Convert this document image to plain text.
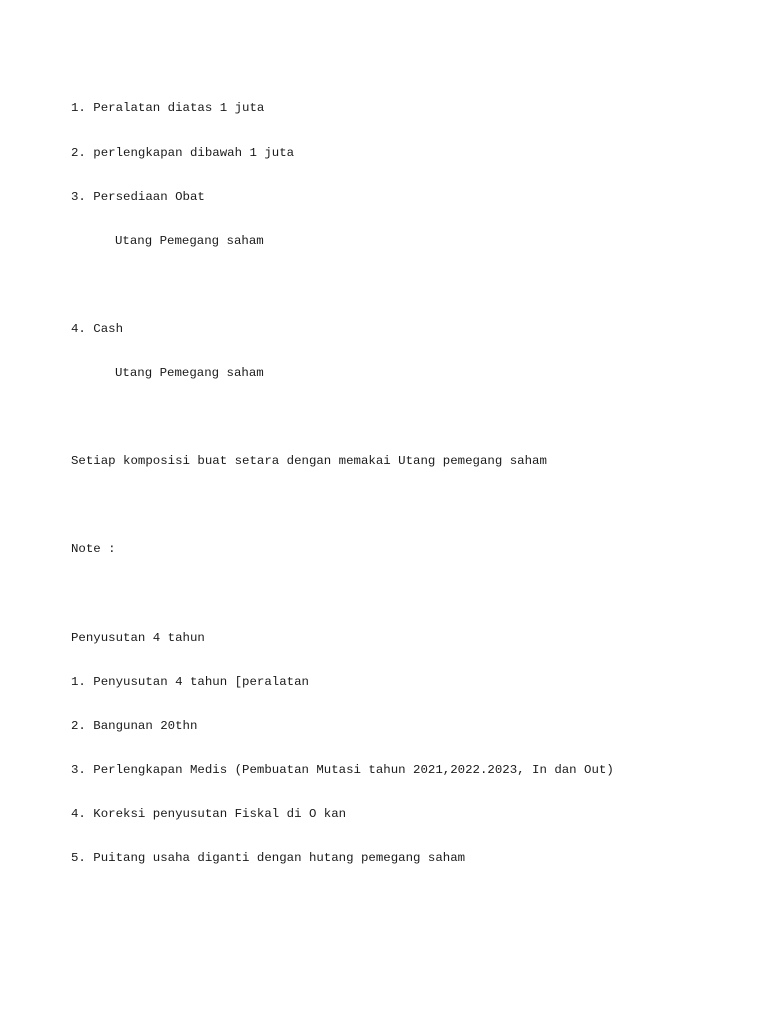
1. Peralatan diatas 1 juta

2. perlengkapan dibawah 1 juta

3. Persediaan Obat

Utang Pemegang saham

4. Cash

Utang Pemegang saham

Setiap komposisi buat setara dengan memakai Utang pemegang saham

Note :

Penyusutan 4 tahun

1. Penyusutan 4 tahun [peralatan

2. Bangunan 20thn

3. Perlengkapan Medis (Pembuatan Mutasi tahun 2021,2022.2023, In dan Out)

4. Koreksi penyusutan Fiskal di O kan

5. Puitang usaha diganti dengan hutang pemegang saham
